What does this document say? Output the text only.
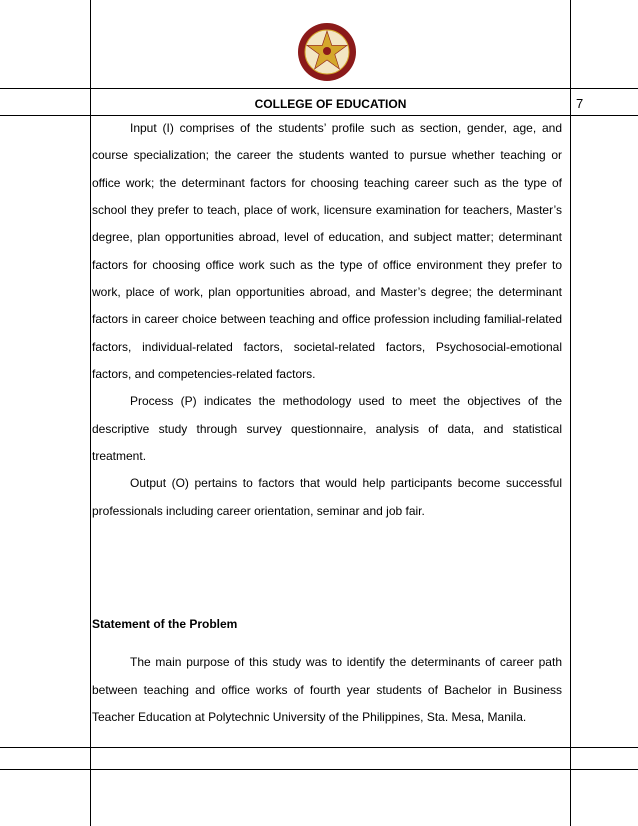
COLLEGE OF EDUCATION	7

Input (I) comprises of the students’ profile such as section, gender, age, and course specialization; the career the students wanted to pursue whether teaching or office work; the determinant factors for choosing teaching career such as the type of school they prefer to teach, place of work, licensure examination for teachers, Master’s degree, plan opportunities abroad, level of education, and subject matter; determinant factors for choosing office work such as the type of office environment they prefer to work, place of work, plan opportunities abroad, and Master’s degree; the determinant factors in career choice between teaching and office profession including familial-related factors, individual-related factors, societal-related factors, Psychosocial-emotional factors, and competencies-related factors.

Process (P) indicates the methodology used to meet the objectives of the descriptive study through survey questionnaire, analysis of data, and statistical treatment.

Output (O) pertains to factors that would help participants become successful professionals including career orientation, seminar and job fair.

Statement of the Problem

The main purpose of this study was to identify the determinants of career path between teaching and office works of fourth year students of Bachelor in Business Teacher Education at Polytechnic University of the Philippines, Sta. Mesa, Manila.
